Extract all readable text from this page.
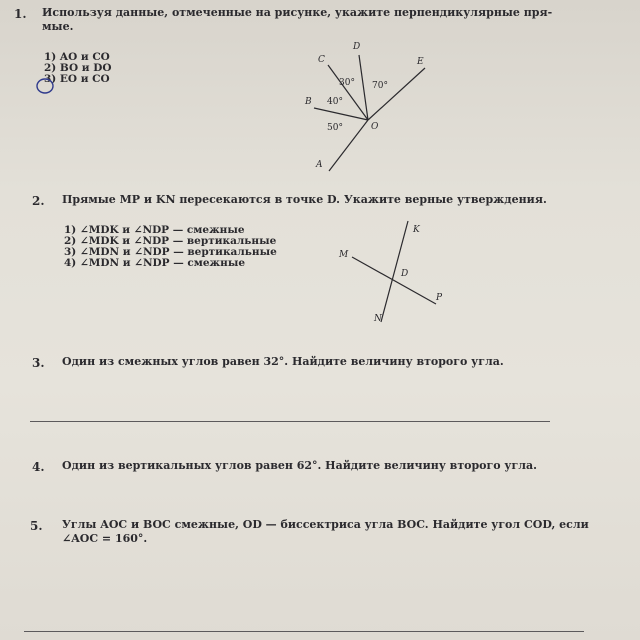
1. Используя данные, отмеченные на рисунке, укажите перпендикулярные пря-
мые.
1) AO и CO
2) BO и DO
3) EO и CO
C
D
E
B
O
A
30° 70°
40°
50°
2. Прямые MP и KN пересекаются в точке D. Укажите верные утверждения.
1) ∠MDK и ∠NDP — смежные
2) ∠MDK и ∠NDP — вертикальные
3) ∠MDN и ∠NDP — вертикальные
4) ∠MDN и ∠NDP — смежные
K
M
D
P
N
3. Один из смежных углов равен 32°. Найдите величину второго угла.
4. Один из вертикальных углов равен 62°. Найдите величину второго угла.
5. Углы AOC и BOC смежные, OD — биссектриса угла BOC. Найдите угол COD, если
∠AOC = 160°.
